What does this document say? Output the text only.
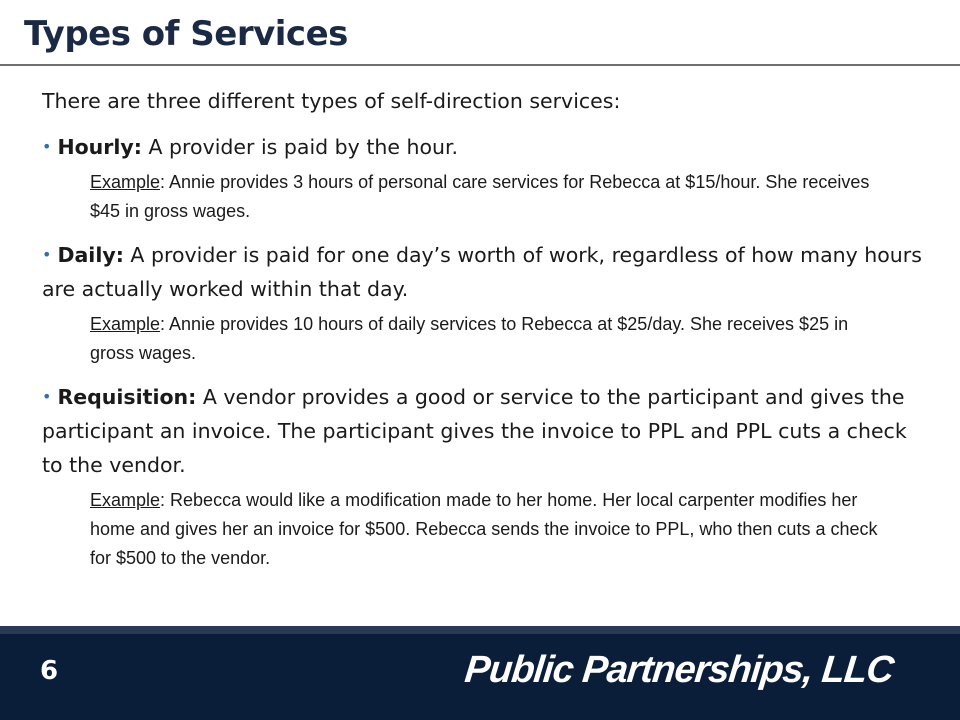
Types of Services

There are three different types of self-direction services:

• Hourly: A provider is paid by the hour.

Example: Annie provides 3 hours of personal care services for Rebecca at $15/hour. She receives $45 in gross wages.

• Daily: A provider is paid for one day’s worth of work, regardless of how many hours are actually worked within that day.

Example: Annie provides 10 hours of daily services to Rebecca at $25/day. She receives $25 in gross wages.

• Requisition: A vendor provides a good or service to the participant and gives the participant an invoice. The participant gives the invoice to PPL and PPL cuts a check to the vendor.

Example: Rebecca would like a modification made to her home. Her local carpenter modifies her home and gives her an invoice for $500. Rebecca sends the invoice to PPL, who then cuts a check for $500 to the vendor.

6	Public Partnerships, LLC
